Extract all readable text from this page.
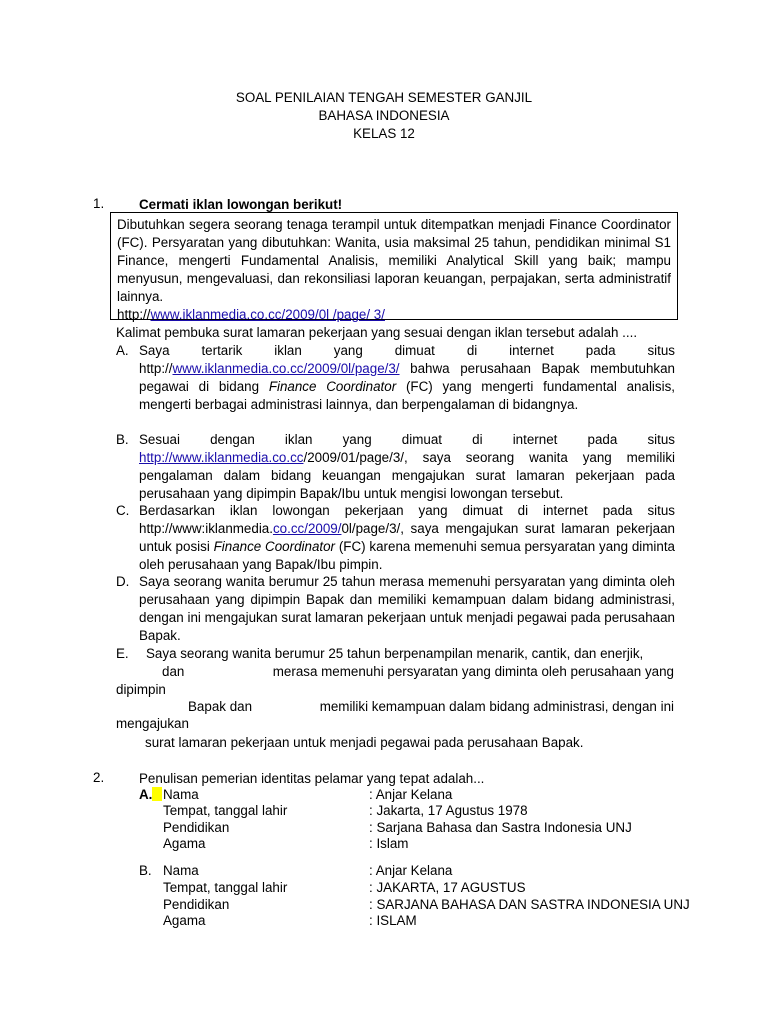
SOAL PENILAIAN TENGAH SEMESTER GANJIL
BAHASA INDONESIA
KELAS 12
1.	Cermati iklan lowongan berikut!
Dibutuhkan segera seorang tenaga terampil untuk ditempatkan menjadi Finance Coordinator (FC). Persyaratan yang dibutuhkan: Wanita, usia maksimal 25 tahun, pendidikan minimal S1 Finance, mengerti Fundamental Analisis, memiliki Analytical Skill yang baik; mampu menyusun, mengevaluasi, dan rekonsiliasi laporan keuangan, perpajakan, serta administratif lainnya.
http://www.iklanmedia.co.cc/2009/0l /page/ 3/
Kalimat pembuka surat lamaran pekerjaan yang sesuai dengan iklan tersebut adalah ....
A. Saya tertarik iklan yang dimuat di internet pada situs http://www.iklanmedia.co.cc/2009/0l/page/3/ bahwa perusahaan Bapak membutuhkan pegawai di bidang Finance Coordinator (FC) yang mengerti fundamental analisis, mengerti berbagai administrasi lainnya, dan berpengalaman di bidangnya.
B. Sesuai dengan iklan yang dimuat di internet pada situs http://www.iklanmedia.co.cc/2009/01/page/3/, saya seorang wanita yang memiliki pengalaman dalam bidang keuangan mengajukan surat lamaran pekerjaan pada perusahaan yang dipimpin Bapak/Ibu untuk mengisi lowongan tersebut.
C. Berdasarkan iklan lowongan pekerjaan yang dimuat di internet pada situs http://www:iklanmedia.co.cc/2009/0l/page/3/, saya mengajukan surat lamaran pekerjaan untuk posisi Finance Coordinator (FC) karena memenuhi semua persyaratan yang diminta oleh perusahaan yang Bapak/Ibu pimpin.
D. Saya seorang wanita berumur 25 tahun merasa memenuhi persyaratan yang diminta oleh perusahaan yang dipimpin Bapak dan memiliki kemampuan dalam bidang administrasi, dengan ini mengajukan surat lamaran pekerjaan untuk menjadi pegawai pada perusahaan Bapak.
E. Saya seorang wanita berumur 25 tahun berpenampilan menarik, cantik, dan enerjik,
dan	merasa memenuhi persyaratan yang diminta oleh perusahaan yang
dipimpin
Bapak dan	memiliki kemampuan dalam bidang administrasi, dengan ini
mengajukan
surat lamaran pekerjaan untuk menjadi pegawai pada perusahaan Bapak.
2.	Penulisan pemerian identitas pelamar yang tepat adalah...
A. Nama	: Anjar Kelana
Tempat, tanggal lahir	: Jakarta, 17 Agustus 1978
Pendidikan	: Sarjana Bahasa dan Sastra Indonesia UNJ
Agama	: Islam
B. Nama	: Anjar Kelana
Tempat, tanggal lahir	: JAKARTA, 17 AGUSTUS
Pendidikan	: SARJANA BAHASA DAN SASTRA INDONESIA UNJ
Agama	: ISLAM
